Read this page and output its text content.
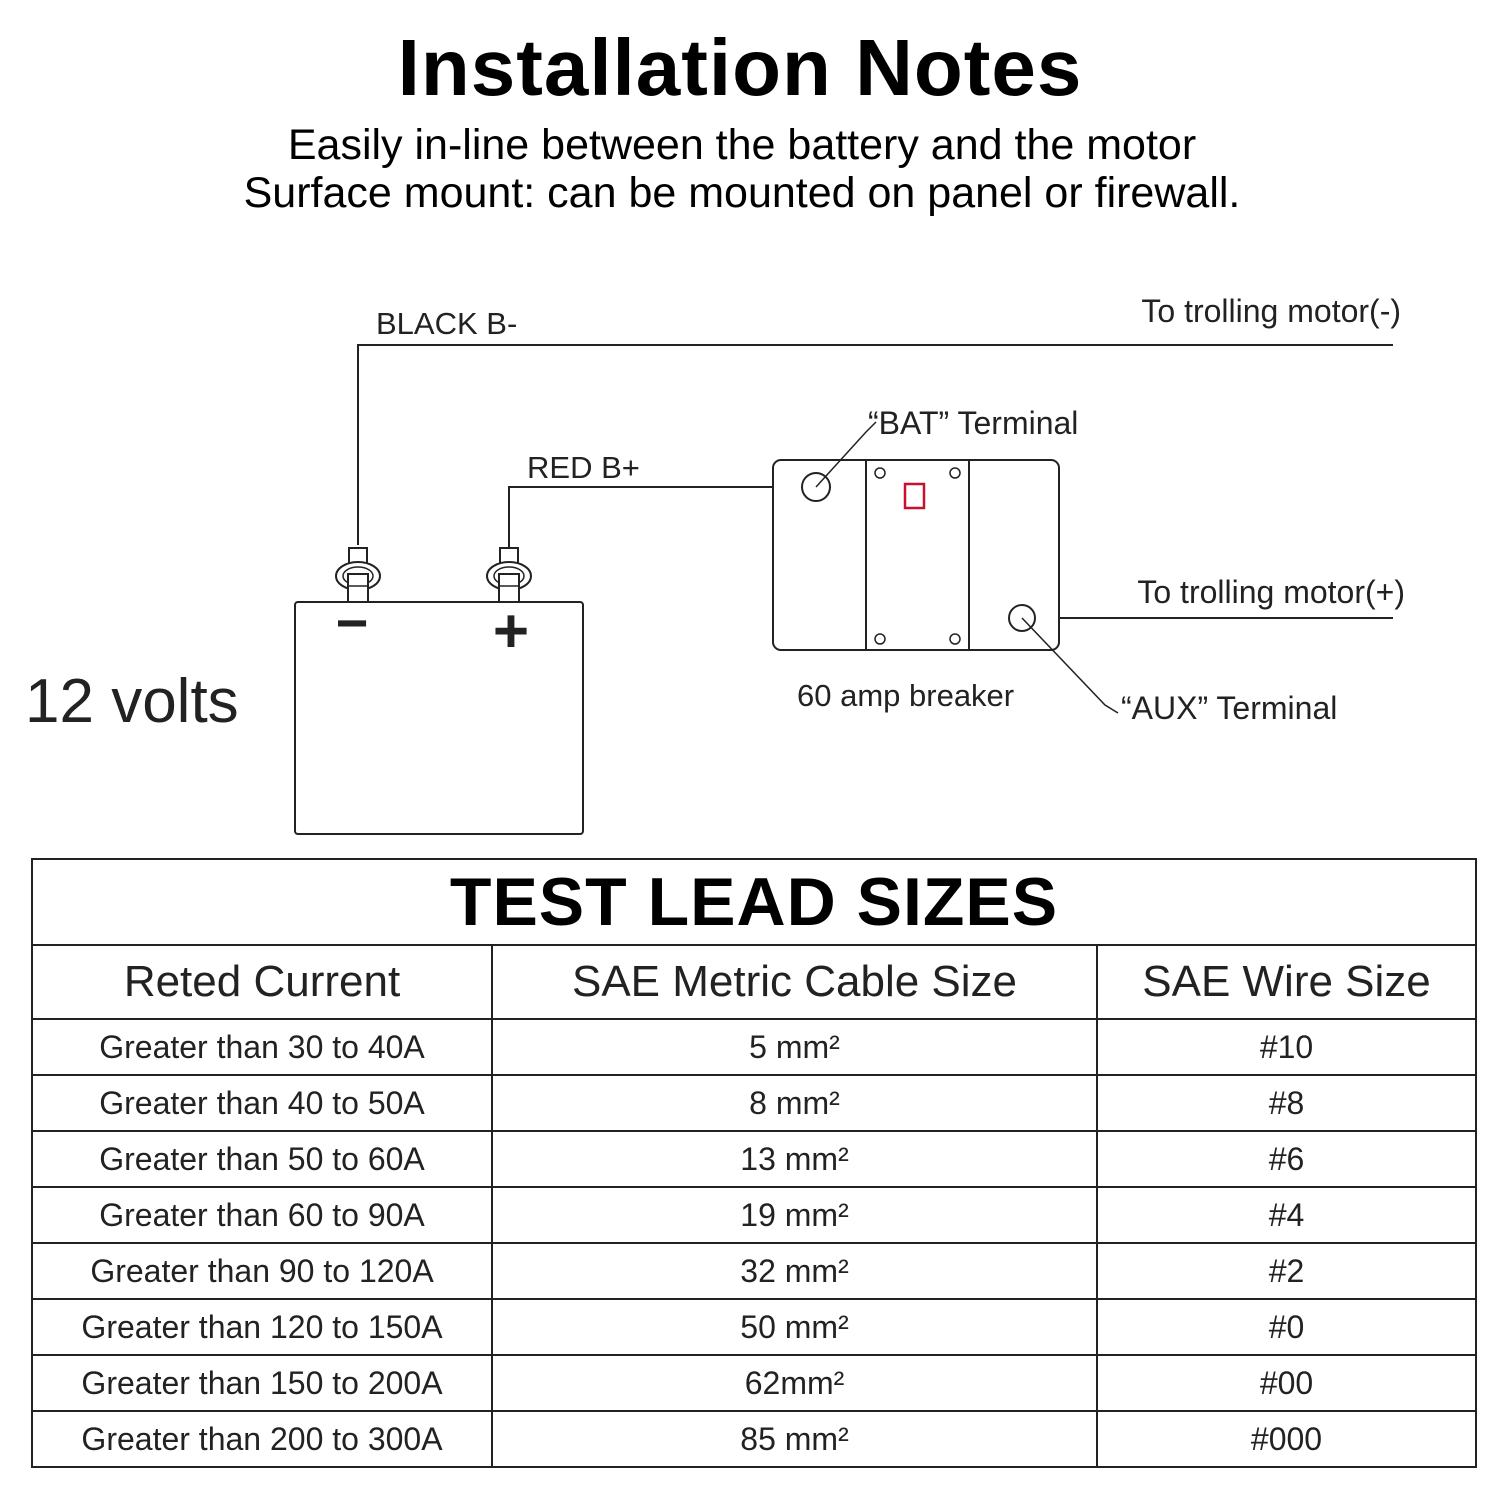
Installation Notes
Easily in-line between the battery and the motor
Surface mount: can be mounted on panel or firewall.
− +
BLACK B-	To trolling motor(-)
“BAT” Terminal
RED B+
To trolling motor(+)
60 amp breaker	“AUX” Terminal
12 volts
TEST LEAD SIZES		
Reted Current	SAE Metric Cable Size	SAE Wire Size
Greater than 30 to 40A	5 mm²	#10
Greater than 40 to 50A	8 mm²	#8
Greater than 50 to 60A	13 mm²	#6
Greater than 60 to 90A	19 mm²	#4
Greater than 90 to 120A	32 mm²	#2
Greater than 120 to 150A	50 mm²	#0
Greater than 150 to 200A	62mm²	#00
Greater than 200 to 300A	85 mm²	#000
